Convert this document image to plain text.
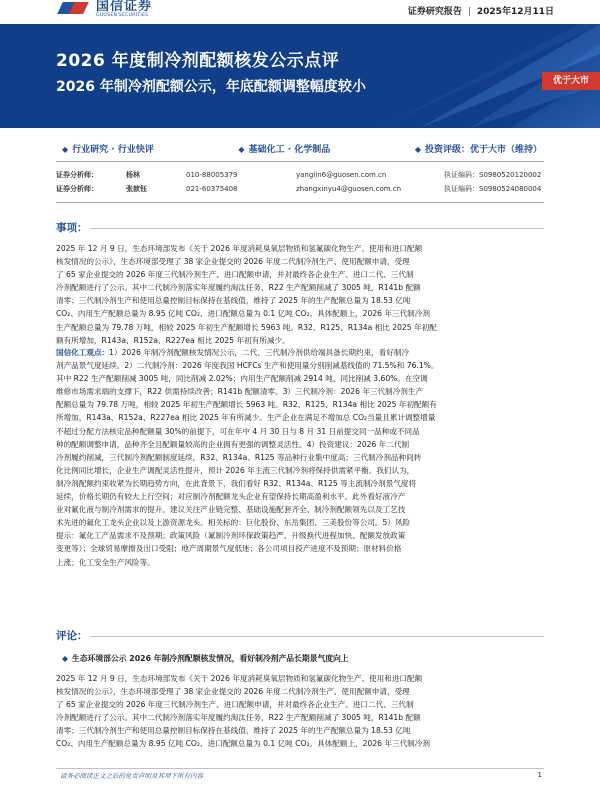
国信证券
GUOSEN SECURITIES	证券研究报告 | 2025年12月11日
2026 年度制冷剂配额核发公示点评
2026 年制冷剂配额公示，年底配额调整幅度较小	优于大市
◆ 行业研究 · 行业快评	◆ 基础化工 · 化学制品	◆ 投资评级：优于大市（维持）
证券分析师：	杨林	010-88005379	yanglin6@guosen.com.cn	执证编码：S0980520120002
证券分析师：	张歆钰	021-60375408	zhangxinyu4@guosen.com.cn	执证编码：S0980524080004
事项：
2025 年 12 月 9 日，生态环境部发布《关于 2026 年度消耗臭氧层物质和氢氟碳化物生产、使用和进口配额
核发情况的公示》，生态环境部受理了 38 家企业提交的 2026 年度二代制冷剂生产、使用配额申请，受理
了 65 家企业提交的 2026 年度三代制冷剂生产、进口配额申请，并对最终各企业生产、进口二代、三代制
冷剂配额进行了公示。其中二代制冷剂落实年度履约淘汰任务，R22 生产配额削减了 3005 吨，R141b 配额
清零；三代制冷剂生产和使用总量控制目标保持在基线值，维持了 2025 年的生产配额总量为 18.53 亿吨
CO₂、内用生产配额总量为 8.95 亿吨 CO₂、进口配额总量为 0.1 亿吨 CO₂。具体配额上，2026 年三代制冷剂
生产配额总量为 79.78 万吨，相较 2025 年初生产配额增长 5963 吨。R32、R125、R134a 相比 2025 年初配
额有所增加，R143a、R152a、R227ea 相比 2025 年初有所减少。
国信化工观点：1）2026 年制冷剂配额核发情况公示，二代、三代制冷剂供给端具备长期约束，看好制冷
剂产品景气度延续。2）二代制冷剂：2026 年度我国 HCFCs 生产和使用量分别削减基线值的 71.5%和 76.1%。
其中 R22 生产配额削减 3005 吨，同比削减 2.02%；内用生产配额削减 2914 吨，同比削减 3.60%。在空调
维修市场需求端的支撑下，R22 供需持续改善；R141b 配额清零。3）三代制冷剂：2026 年三代制冷剂生产
配额总量为 79.78 万吨，相较 2025 年初生产配额增长 5963 吨。R32、R125、R134a 相比 2025 年初配额有
所增加，R143a、R152a、R227ea 相比 2025 年有所减少。生产企业在满足不增加总 CO₂当量且累计调整增量
不超过分配方法核定品种配额量 30%的前提下，可在年中 4 月 30 日与 8 月 31 日前提交同一品种或不同品
种的配额调整申请，品种齐全且配额量较高的企业拥有更强的调整灵活性。4）投资建议：2026 年二代制
冷剂履约削减，三代制冷剂配额制度延续，R32、R134a、R125 等品种行业集中度高；三代制冷剂品种间转
化比例同比增长，企业生产调配灵活性提升，预计 2026 年主流三代制冷剂将保持供需紧平衡。我们认为，
制冷剂配额约束收紧为长期趋势方向，在此背景下，我们看好 R32、R134a、R125 等主流制冷剂景气度将
延续，价格长期仍有较大上行空间；对应制冷剂配额龙头企业有望保持长期高盈利水平。此外看好液冷产
业对氟化液与制冷剂需求的提升。建议关注产业链完整、基础设施配套齐全、制冷剂配额领先以及工艺技
术先进的氟化工龙头企业以及上游资源龙头。相关标的：巨化股份、东岳集团、三美股份等公司。5）风险
提示：氟化工产品需求不及预期；政策风险（氟制冷剂环保政策趋严、升级换代进程加快、配额发放政策
变更等）；全球贸易摩擦及出口受阻；地产周期景气度低迷；各公司项目投产进度不及预期；原材料价格
上涨；化工安全生产风险等。
评论：
◆ 生态环境部公示 2026 年制冷剂配额核发情况，看好制冷剂产品长期景气度向上
2025 年 12 月 9 日，生态环境部发布《关于 2026 年度消耗臭氧层物质和氢氟碳化物生产、使用和进口配额
核发情况的公示》，生态环境部受理了 38 家企业提交的 2026 年度二代制冷剂生产、使用配额申请，受理
了 65 家企业提交的 2026 年度三代制冷剂生产、进口配额申请，并对最终各企业生产、进口二代、三代制
冷剂配额进行了公示。其中二代制冷剂落实年度履约淘汰任务，R22 生产配额削减了 3005 吨，R141b 配额
清零；三代制冷剂生产和使用总量控制目标保持在基线值，维持了 2025 年的生产配额总量为 18.53 亿吨
CO₂、内用生产配额总量为 8.95 亿吨 CO₂、进口配额总量为 0.1 亿吨 CO₂。具体配额上，2026 年三代制冷剂
请务必阅读正文之后的免责声明及其项下所有内容	1
